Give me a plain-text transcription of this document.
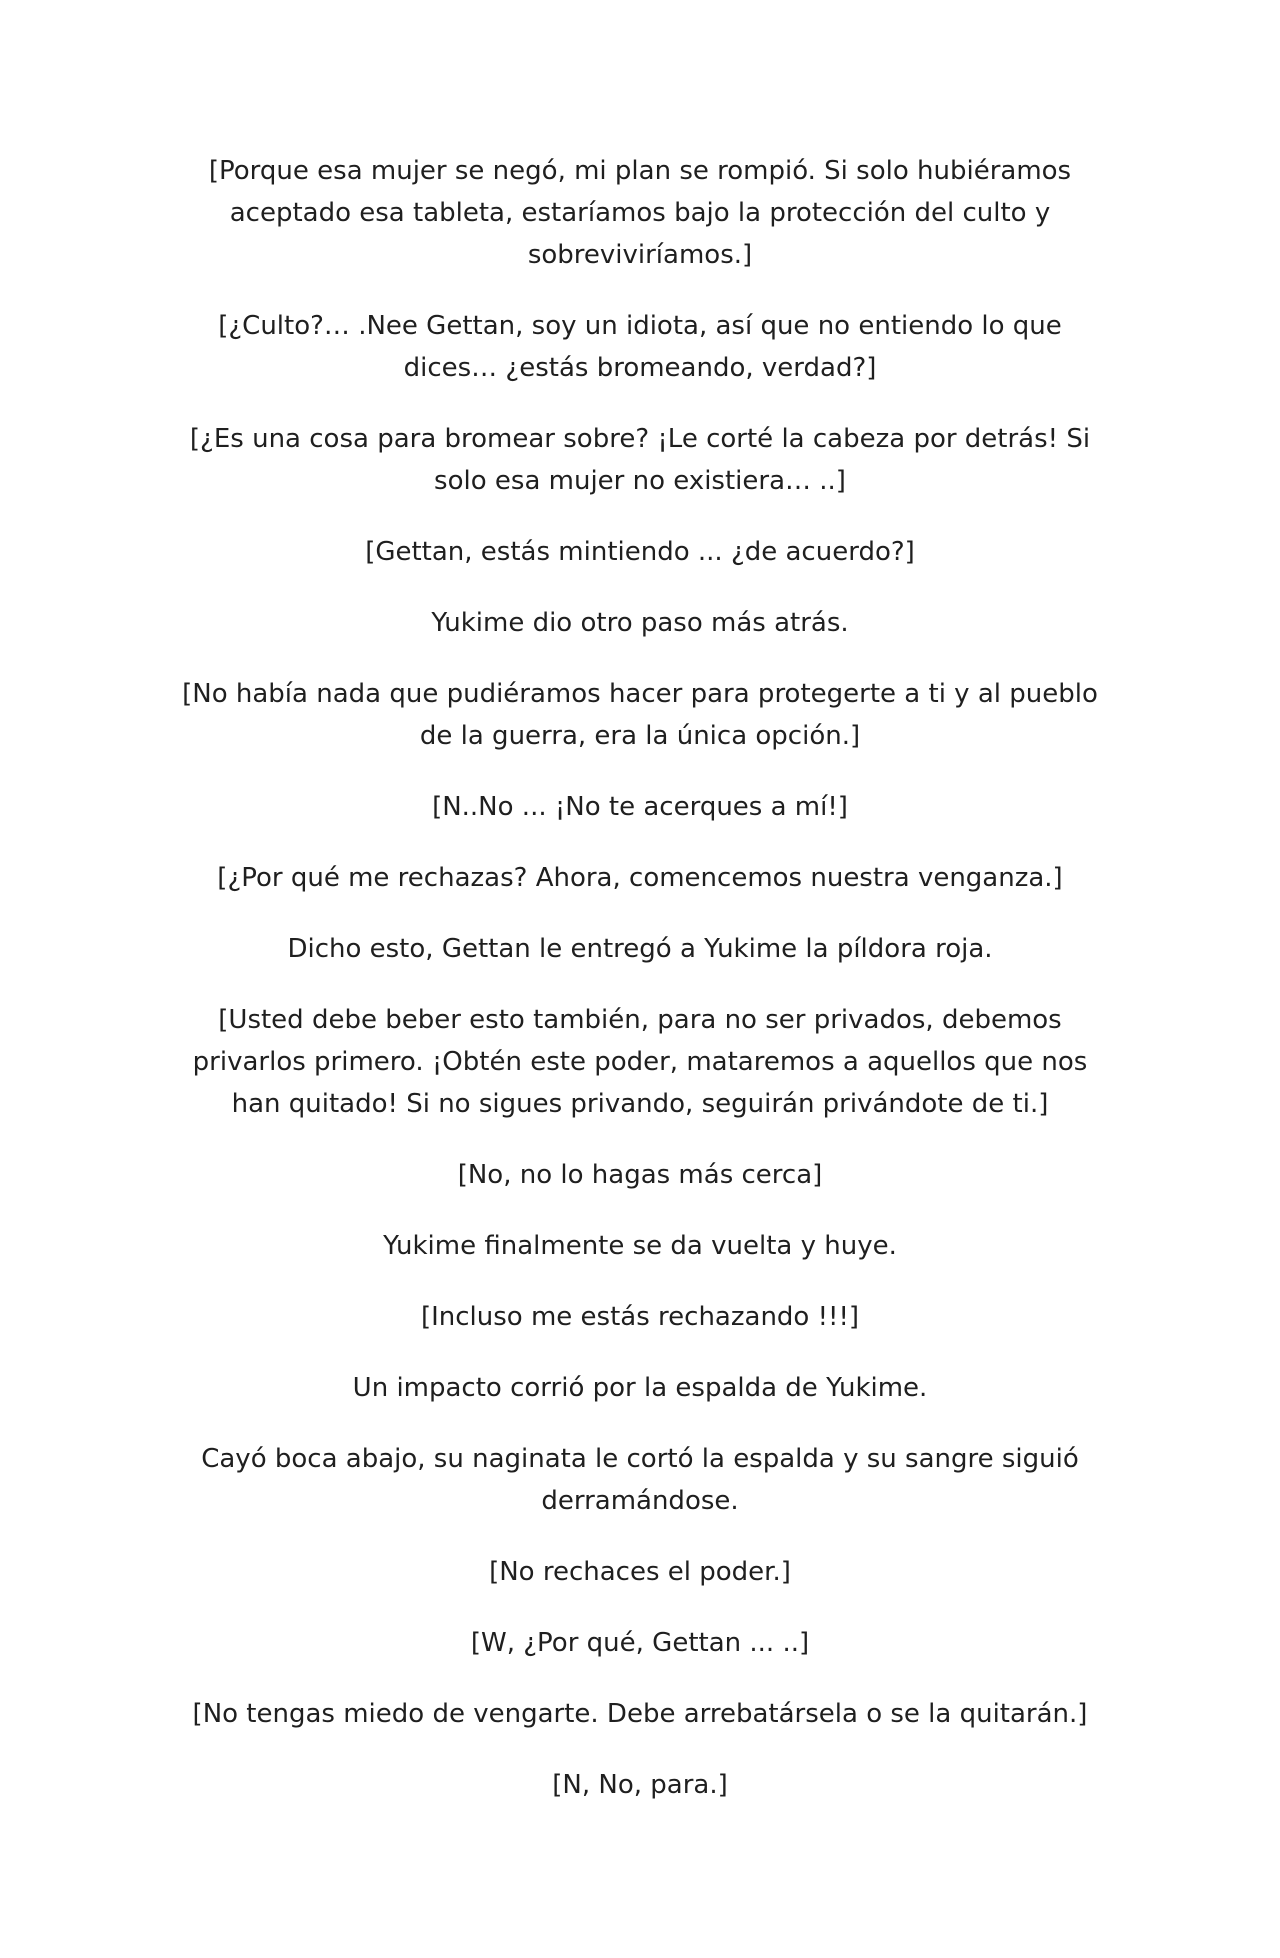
[Porque esa mujer se negó, mi plan se rompió. Si solo hubiéramos aceptado esa tableta, estaríamos bajo la protección del culto y sobreviviríamos.]

[¿Culto?… .Nee Gettan, soy un idiota, así que no entiendo lo que dices… ¿estás bromeando, verdad?]

[¿Es una cosa para bromear sobre? ¡Le corté la cabeza por detrás! Si solo esa mujer no existiera… ..]

[Gettan, estás mintiendo ... ¿de acuerdo?]

Yukime dio otro paso más atrás.

[No había nada que pudiéramos hacer para protegerte a ti y al pueblo de la guerra, era la única opción.]

[N..No ... ¡No te acerques a mí!]

[¿Por qué me rechazas? Ahora, comencemos nuestra venganza.]

Dicho esto, Gettan le entregó a Yukime la píldora roja.

[Usted debe beber esto también, para no ser privados, debemos privarlos primero. ¡Obtén este poder, mataremos a aquellos que nos han quitado! Si no sigues privando, seguirán privándote de ti.]

[No, no lo hagas más cerca]

Yukime finalmente se da vuelta y huye.

[Incluso me estás rechazando !!!]

Un impacto corrió por la espalda de Yukime.

Cayó boca abajo, su naginata le cortó la espalda y su sangre siguió derramándose.

[No rechaces el poder.]

[W, ¿Por qué, Gettan ... ..]

[No tengas miedo de vengarte. Debe arrebatársela o se la quitarán.]

[N, No, para.]
